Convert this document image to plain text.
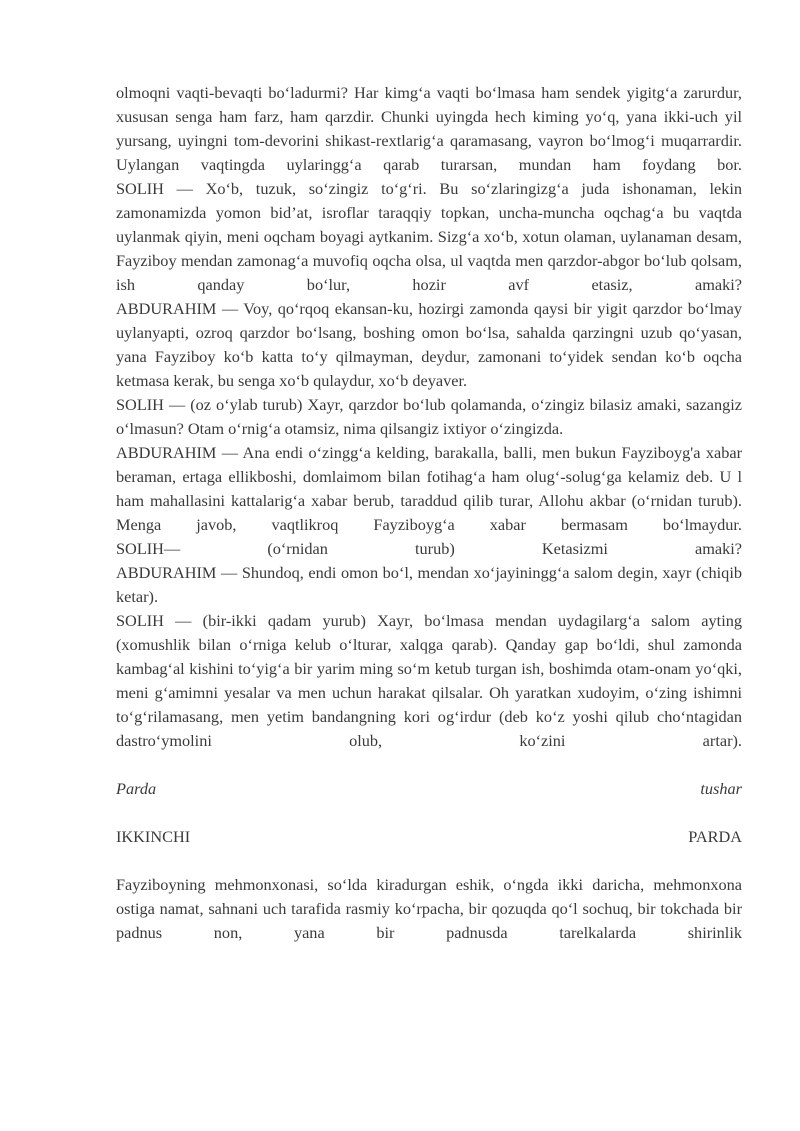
olmoqni vaqti-bevaqti bo‘ladurmi? Har kimg‘a vaqti bo‘lmasa ham sendek yigitg‘a zarurdur, xususan senga ham farz, ham qarzdir. Chunki uyingda hech kiming yo‘q, yana ikki-uch yil yursang, uyingni tom-devorini shikast-rextlarig‘a qaramasang, vayron bo‘lmog‘i muqarrardir. Uylangan vaqtingda uylaringg‘a qarab turarsan, mundan ham foydang bor.

SOLIH — Xo‘b, tuzuk, so‘zingiz to‘g‘ri. Bu so‘zlaringizg‘a juda ishonaman, lekin zamonamizda yomon bid’at, isroflar taraqqiy topkan, uncha-muncha oqchag‘a bu vaqtda uylanmak qiyin, meni oqcham boyagi aytkanim. Sizg‘a xo‘b, xotun olaman, uylanaman desam, Fayziboy mendan zamonag‘a muvofiq oqcha olsa, ul vaqtda men qarzdor-abgor bo‘lub qolsam, ish qanday bo‘lur, hozir avf etasiz, amaki?

ABDURAHIM — Voy, qo‘rqoq ekansan-ku, hozirgi zamonda qaysi bir yigit qarzdor bo‘lmay uylanyapti, ozroq qarzdor bo‘lsang, boshing omon bo‘lsa, sahalda qarzingni uzub qo‘yasan, yana Fayziboy ko‘b katta to‘y qilmayman, deydur, zamonani to‘yidek sendan ko‘b oqcha ketmasa kerak, bu senga xo‘b qulaydur, xo‘b deyaver.

SOLIH — (oz o‘ylab turub) Xayr, qarzdor bo‘lub qolamanda, o‘zingiz bilasiz amaki, sazangiz o‘lmasun? Otam o‘rnig‘a otamsiz, nima qilsangiz ixtiyor o‘zingizda.

ABDURAHIM — Ana endi o‘zingg‘a kelding, barakalla, balli, men bukun Fayziboyg'a xabar beraman, ertaga ellikboshi, domlaimom bilan fotihag‘a ham olug‘-solug‘ga kelamiz deb. U l ham mahallasini kattalarig‘a xabar berub, taraddud qilib turar, Allohu akbar (o‘rnidan turub). Menga javob, vaqtlikroq Fayziboyg‘a xabar bermasam bo‘lmaydur.

SOLIH— (o‘rnidan turub) Ketasizmi amaki?

ABDURAHIM — Shundoq, endi omon bo‘l, mendan xo‘jayiningg‘a salom degin, xayr (chiqib ketar).

SOLIH — (bir-ikki qadam yurub) Xayr, bo‘lmasa mendan uydagilarg‘a salom ayting (xomushlik bilan o‘rniga kelub o‘lturar, xalqga qarab). Qanday gap bo‘ldi, shul zamonda kambag‘al kishini to‘yig‘a bir yarim ming so‘m ketub turgan ish, boshimda otam-onam yo‘qki, meni g‘amimni yesalar va men uchun harakat qilsalar. Oh yaratkan xudoyim, o‘zing ishimni to‘g‘rilamasang, men yetim bandangning kori og‘irdur (deb ko‘z yoshi qilub cho‘ntagidan dastro‘ymolini olub, ko‘zini artar).

Parda tushar

IKKINCHI PARDA

Fayziboyning mehmonxonasi, so‘lda kiradurgan eshik, o‘ngda ikki daricha, mehmonxona ostiga namat, sahnani uch tarafida rasmiy ko‘rpacha, bir qozuqda qo‘l sochuq, bir tokchada bir padnus non, yana bir padnusda tarelkalarda shirinlik
